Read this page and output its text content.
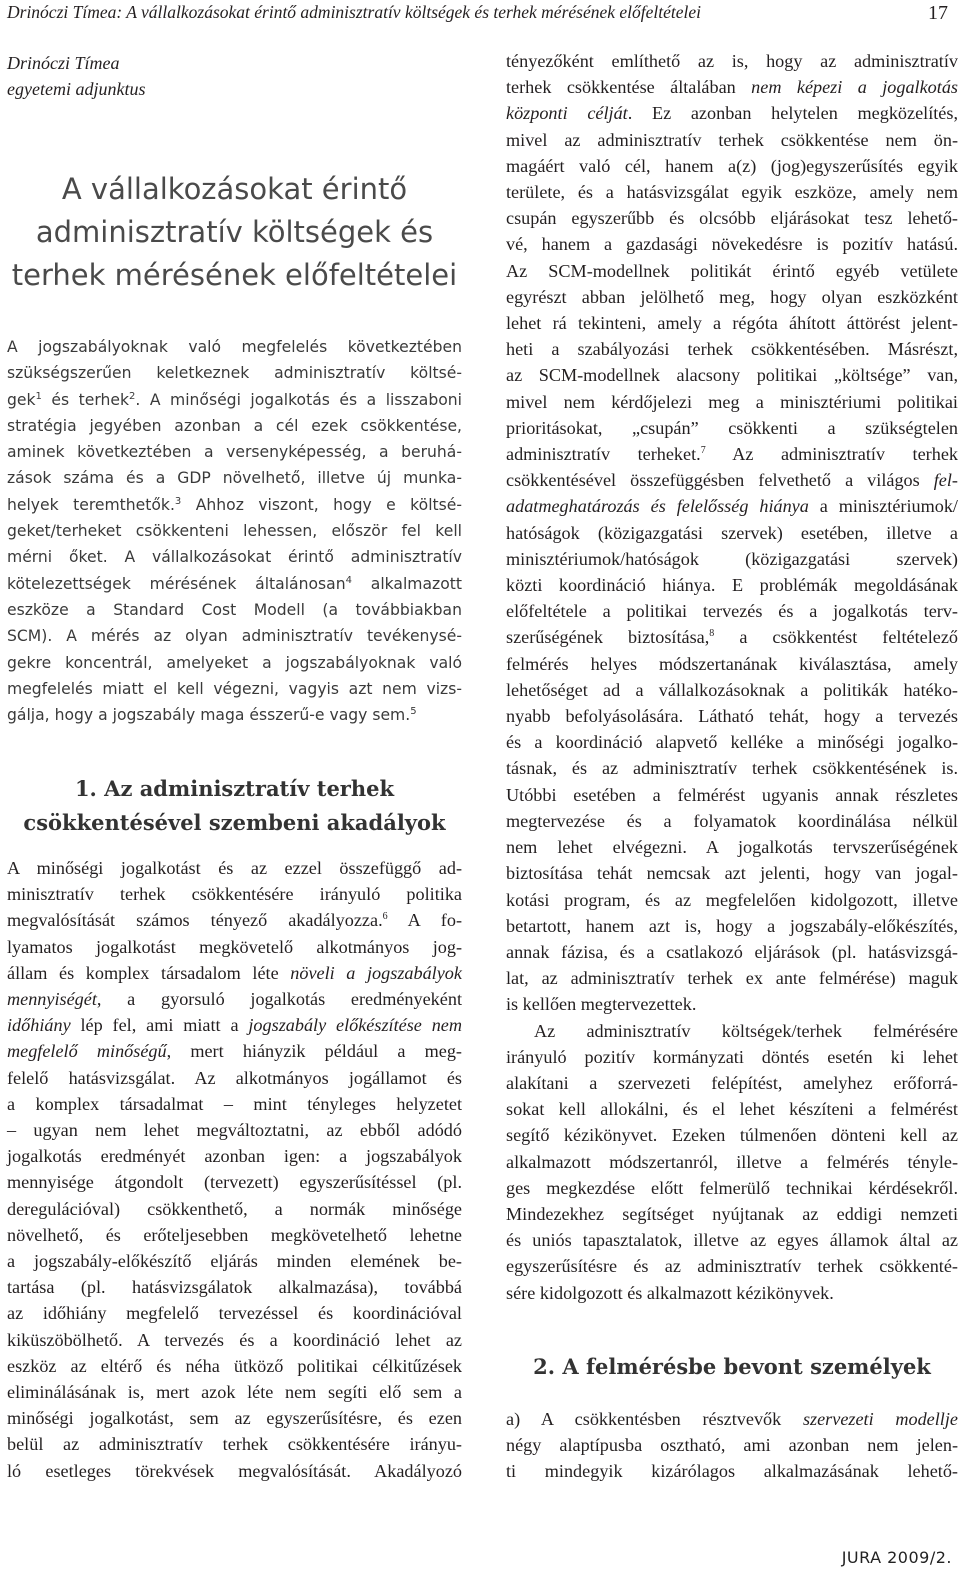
Drinóczi Tímea: A vállalkozásokat érintő adminisztratív költségek és terhek mérésének előfeltételei	17
Drinóczi Tímea
egyetemi adjunktus
A vállalkozásokat érintő
adminisztratív költségek és
terhek mérésének előfeltételei
A jogszabályoknak való megfelelés következtében
szükségszerűen keletkeznek adminisztratív költsé-
gek$^1$ és terhek$^2$. A minőségi jogalkotás és a lisszaboni
stratégia jegyében azonban a cél ezek csökkentése,
aminek következtében a versenyképesség, a beruhá-
zások száma és a GDP növelhető, illetve új munka-
helyek teremthetők.$^3$ Ahhoz viszont, hogy e költsé-
geket/terheket csökkenteni lehessen, először fel kell
mérni őket. A vállalkozásokat érintő adminisztratív
kötelezettségek mérésének általánosan$^4$ alkalmazott
eszköze a Standard Cost Modell (a továbbiakban
SCM). A mérés az olyan adminisztratív tevékenysé-
gekre koncentrál, amelyeket a jogszabályoknak való
megfelelés miatt el kell végezni, vagyis azt nem vizs-
gálja, hogy a jogszabály maga ésszerű-e vagy sem.$^5$
1. Az adminisztratív terhek
csökkentésével szembeni akadályok
A minőségi jogalkotást és az ezzel összefüggő ad-
minisztratív terhek csökkentésére irányuló politika
megvalósítását számos tényező akadályozza.$^6$ A fo-
lyamatos jogalkotást megkövetelő alkotmányos jog-
állam és komplex társadalom léte növeli a jogszabályok
mennyiségét, a gyorsuló jogalkotás eredményeként
időhiány lép fel, ami miatt a jogszabály előkészítése nem
megfelelő minőségű, mert hiányzik például a meg-
felelő hatásvizsgálat. Az alkotmányos jogállamot és
a komplex társadalmat – mint tényleges helyzetet
– ugyan nem lehet megváltoztatni, az ebből adódó
jogalkotás eredményét azonban igen: a jogszabályok
mennyisége átgondolt (tervezett) egyszerűsítéssel (pl.
deregulációval) csökkenthető, a normák minősége
növelhető, és erőteljesebben megkövetelhető lehetne
a jogszabály-előkészítő eljárás minden elemének be-
tartása (pl. hatásvizsgálatok alkalmazása), továbbá
az időhiány megfelelő tervezéssel és koordinációval
kiküszöbölhető. A tervezés és a koordináció lehet az
eszköz az eltérő és néha ütköző politikai célkitűzések
eliminálásának is, mert azok léte nem segíti elő sem a
minőségi jogalkotást, sem az egyszerűsítésre, és ezen
belül az adminisztratív terhek csökkentésére irányu-
ló esetleges törekvések megvalósítását. Akadályozó
tényezőként említhető az is, hogy az adminisztratív
terhek csökkentése általában nem képezi a jogalkotás
központi célját. Ez azonban helytelen megközelítés,
mivel az adminisztratív terhek csökkentése nem ön-
magáért való cél, hanem a(z) (jog)egyszerűsítés egyik
területe, és a hatásvizsgálat egyik eszköze, amely nem
csupán egyszerűbb és olcsóbb eljárásokat tesz lehető-
vé, hanem a gazdasági növekedésre is pozitív hatású.
Az SCM-modellnek politikát érintő egyéb vetülete
egyrészt abban jelölhető meg, hogy olyan eszközként
lehet rá tekinteni, amely a régóta áhított áttörést jelent-
heti a szabályozási terhek csökkentésében. Másrészt,
az SCM-modellnek alacsony politikai „költsége” van,
mivel nem kérdőjelezi meg a minisztériumi politikai
prioritásokat, „csupán” csökkenti a szükségtelen
adminisztratív terheket.$^7$ Az adminisztratív terhek
csökkentésével összefüggésben felvethető a világos fel-
adatmeghatározás és felelősség hiánya a minisztériumok/
hatóságok (közigazgatási szervek) esetében, illetve a
minisztériumok/hatóságok (közigazgatási szervek)
közti koordináció hiánya. E problémák megoldásának
előfeltétele a politikai tervezés és a jogalkotás terv-
szerűségének biztosítása,$^8$ a csökkentést feltételező
felmérés helyes módszertanának kiválasztása, amely
lehetőséget ad a vállalkozásoknak a politikák hatéko-
nyabb befolyásolására. Látható tehát, hogy a tervezés
és a koordináció alapvető kelléke a minőségi jogalko-
tásnak, és az adminisztratív terhek csökkentésének is.
Utóbbi esetében a felmérést ugyanis annak részletes
megtervezése és a folyamatok koordinálása nélkül
nem lehet elvégezni. A jogalkotás tervszerűségének
biztosítása tehát nemcsak azt jelenti, hogy van jogal-
kotási program, és az megfelelően kidolgozott, illetve
betartott, hanem azt is, hogy a jogszabály-előkészítés,
annak fázisa, és a csatlakozó eljárások (pl. hatásvizsgá-
lat, az adminisztratív terhek ex ante felmérése) maguk
is kellően megtervezettek.
Az adminisztratív költségek/terhek felmérésére
irányuló pozitív kormányzati döntés esetén ki lehet
alakítani a szervezeti felépítést, amelyhez erőforrá-
sokat kell allokálni, és el lehet készíteni a felmérést
segítő kézikönyvet. Ezeken túlmenően dönteni kell az
alkalmazott módszertanról, illetve a felmérés tényle-
ges megkezdése előtt felmerülő technikai kérdésekről.
Mindezekhez segítséget nyújtanak az eddigi nemzeti
és uniós tapasztalatok, illetve az egyes államok által az
egyszerűsítésre és az adminisztratív terhek csökkenté-
sére kidolgozott és alkalmazott kézikönyvek.
2. A felmérésbe bevont személyek
a) A csökkentésben résztvevők szervezeti modellje
négy alaptípusba osztható, ami azonban nem jelen-
ti mindegyik kizárólagos alkalmazásának lehető-
JURA 2009/2.
